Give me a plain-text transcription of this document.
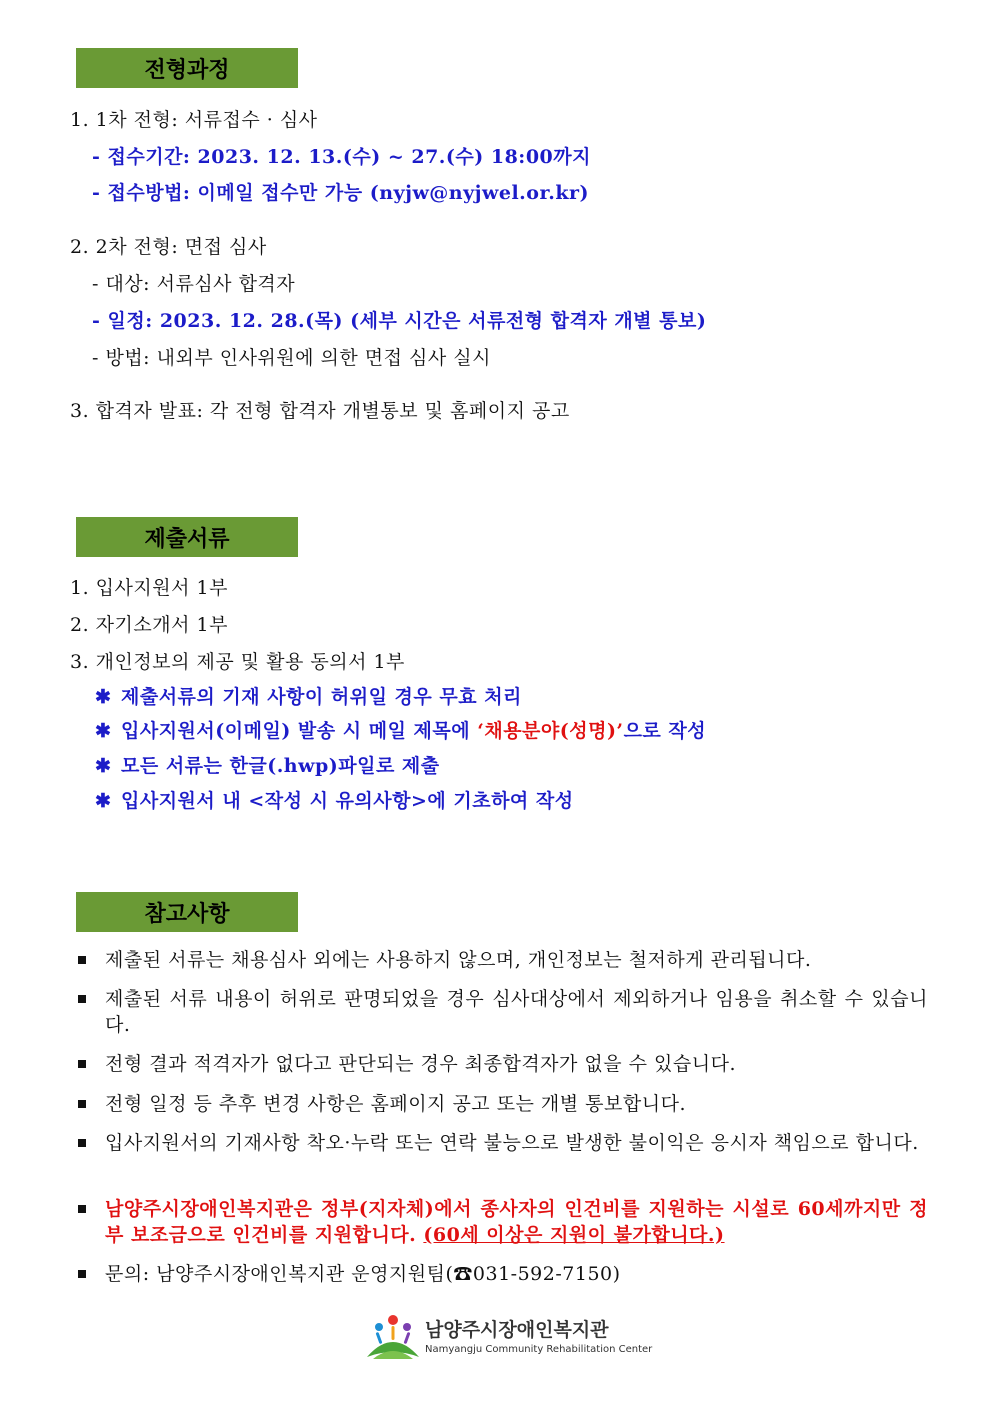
전형과정
1. 1차 전형: 서류접수 · 심사
- 접수기간: 2023. 12. 13.(수) ~ 27.(수) 18:00까지
- 접수방법: 이메일 접수만 가능 (nyjw@nyjwel.or.kr)
2. 2차 전형: 면접 심사
- 대상: 서류심사 합격자
- 일정: 2023. 12. 28.(목) (세부 시간은 서류전형 합격자 개별 통보)
- 방법: 내외부 인사위원에 의한 면접 심사 실시
3. 합격자 발표: 각 전형 합격자 개별통보 및 홈페이지 공고
제출서류
1. 입사지원서 1부
2. 자기소개서 1부
3. 개인정보의 제공 및 활용 동의서 1부
✱ 제출서류의 기재 사항이 허위일 경우 무효 처리
✱ 입사지원서(이메일) 발송 시 메일 제목에 ‘채용분야(성명)’으로 작성
✱ 모든 서류는 한글(.hwp)파일로 제출
✱ 입사지원서 내 <작성 시 유의사항>에 기초하여 작성
참고사항
제출된 서류는 채용심사 외에는 사용하지 않으며, 개인정보는 철저하게 관리됩니다.
제출된 서류 내용이 허위로 판명되었을 경우 심사대상에서 제외하거나 임용을 취소할 수 있습니다.
전형 결과 적격자가 없다고 판단되는 경우 최종합격자가 없을 수 있습니다.
전형 일정 등 추후 변경 사항은 홈페이지 공고 또는 개별 통보합니다.
입사지원서의 기재사항 착오·누락 또는 연락 불능으로 발생한 불이익은 응시자 책임으로 합니다.
남양주시장애인복지관은 정부(지자체)에서 종사자의 인건비를 지원하는 시설로 60세까지만 정부 보조금으로 인건비를 지원합니다. (60세 이상은 지원이 불가합니다.)
문의: 남양주시장애인복지관 운영지원팀(☎031-592-7150)
남양주시장애인복지관
Namyangju Community Rehabilitation Center
